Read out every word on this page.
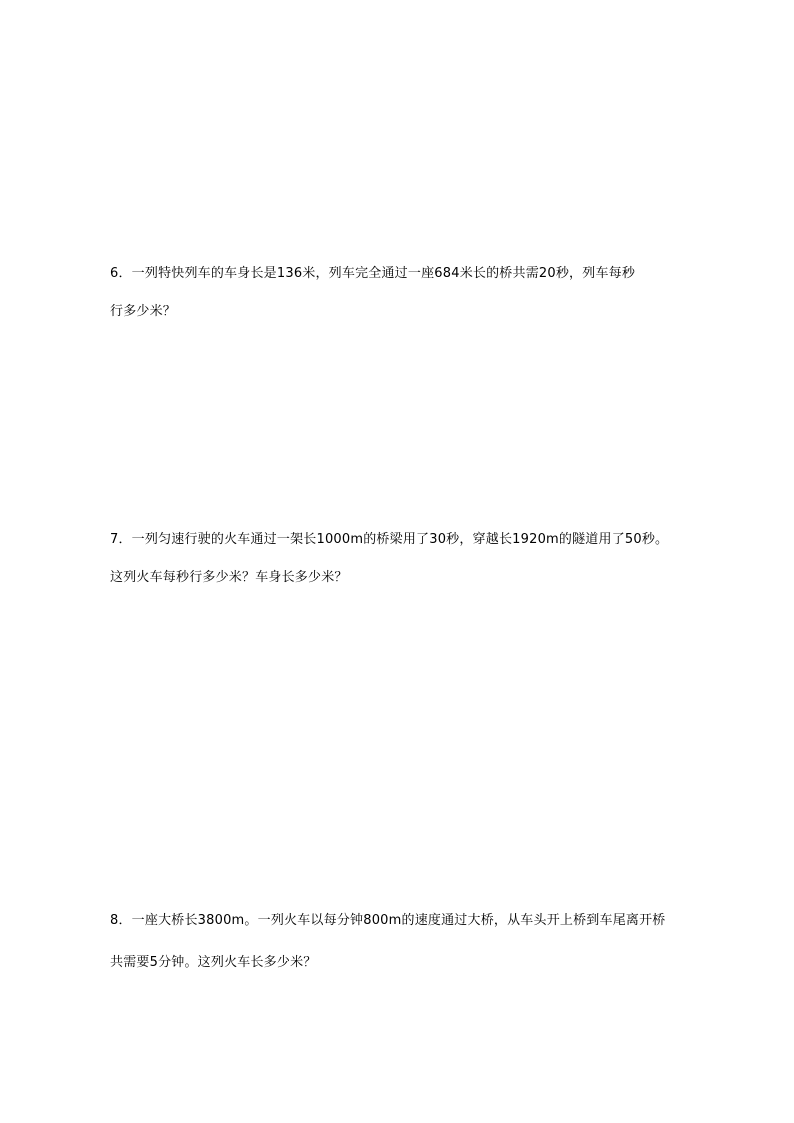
6．一列特快列车的车身长是136米，列车完全通过一座684米长的桥共需20秒，列车每秒
行多少米？
7．一列匀速行驶的火车通过一架长1000m的桥梁用了30秒，穿越长1920m的隧道用了50秒。
这列火车每秒行多少米？车身长多少米？
8．一座大桥长3800m。一列火车以每分钟800m的速度通过大桥，从车头开上桥到车尾离开桥
共需要5分钟。这列火车长多少米？
